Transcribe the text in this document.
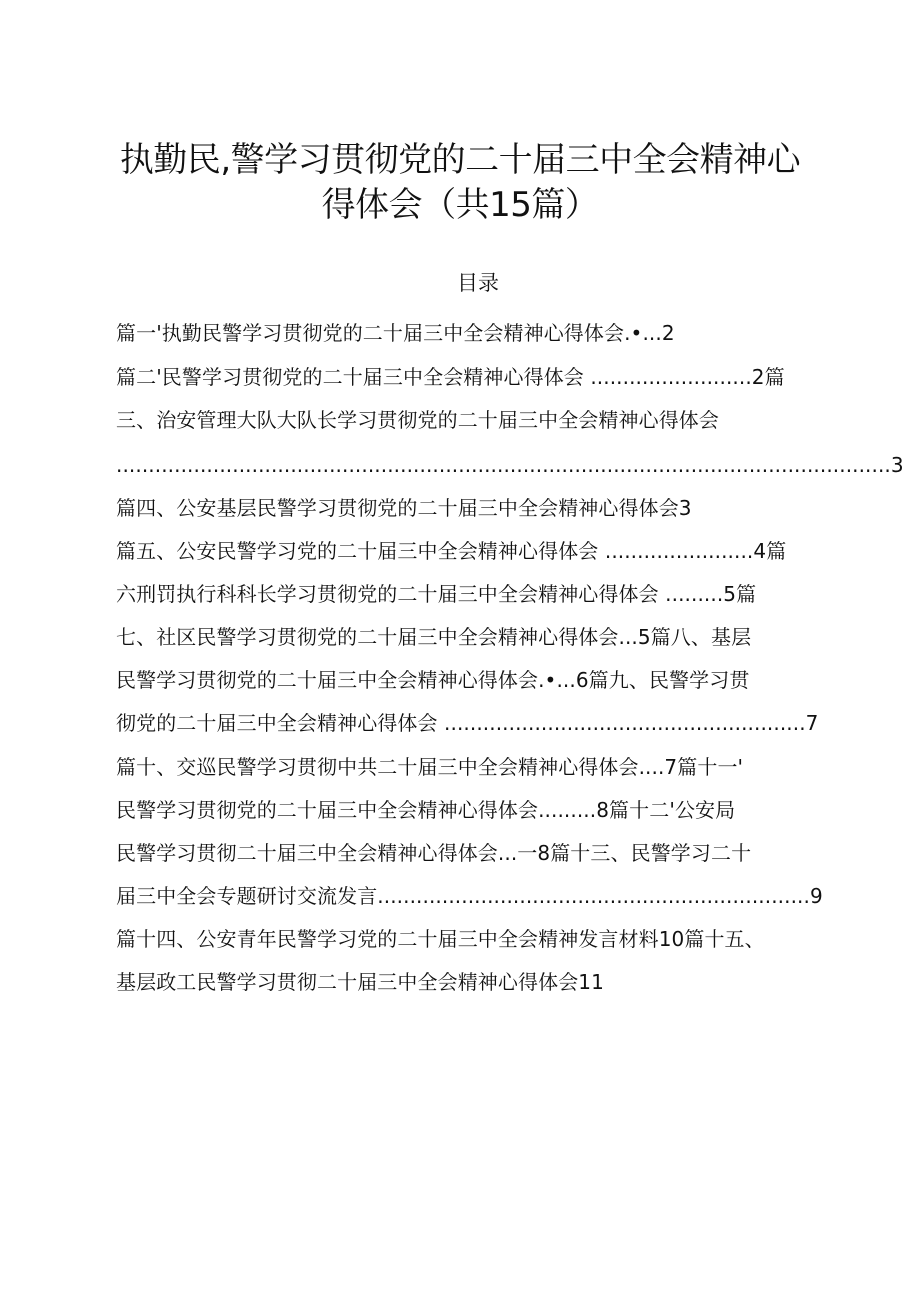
执勤民,警学习贯彻党的二十届三中全会精神心
得体会（共15篇）
目录
篇一'执勤民警学习贯彻党的二十届三中全会精神心得体会.•...2
篇二'民警学习贯彻党的二十届三中全会精神心得体会 .........................2篇
三、治安管理大队大队长学习贯彻党的二十届三中全会精神心得体会
........................................................................................................................3
篇四、公安基层民警学习贯彻党的二十届三中全会精神心得体会3
篇五、公安民警学习党的二十届三中全会精神心得体会 .......................4篇
六刑罚执行科科长学习贯彻党的二十届三中全会精神心得体会 .........5篇
七、社区民警学习贯彻党的二十届三中全会精神心得体会...5篇八、基层
民警学习贯彻党的二十届三中全会精神心得体会.•...6篇九、民警学习贯
彻党的二十届三中全会精神心得体会 ........................................................7
篇十、交巡民警学习贯彻中共二十届三中全会精神心得体会....7篇十一'
民警学习贯彻党的二十届三中全会精神心得体会.........8篇十二'公安局
民警学习贯彻二十届三中全会精神心得体会...一8篇十三、民警学习二十
届三中全会专题研讨交流发言...................................................................9
篇十四、公安青年民警学习党的二十届三中全会精神发言材料10篇十五、
基层政工民警学习贯彻二十届三中全会精神心得体会11
